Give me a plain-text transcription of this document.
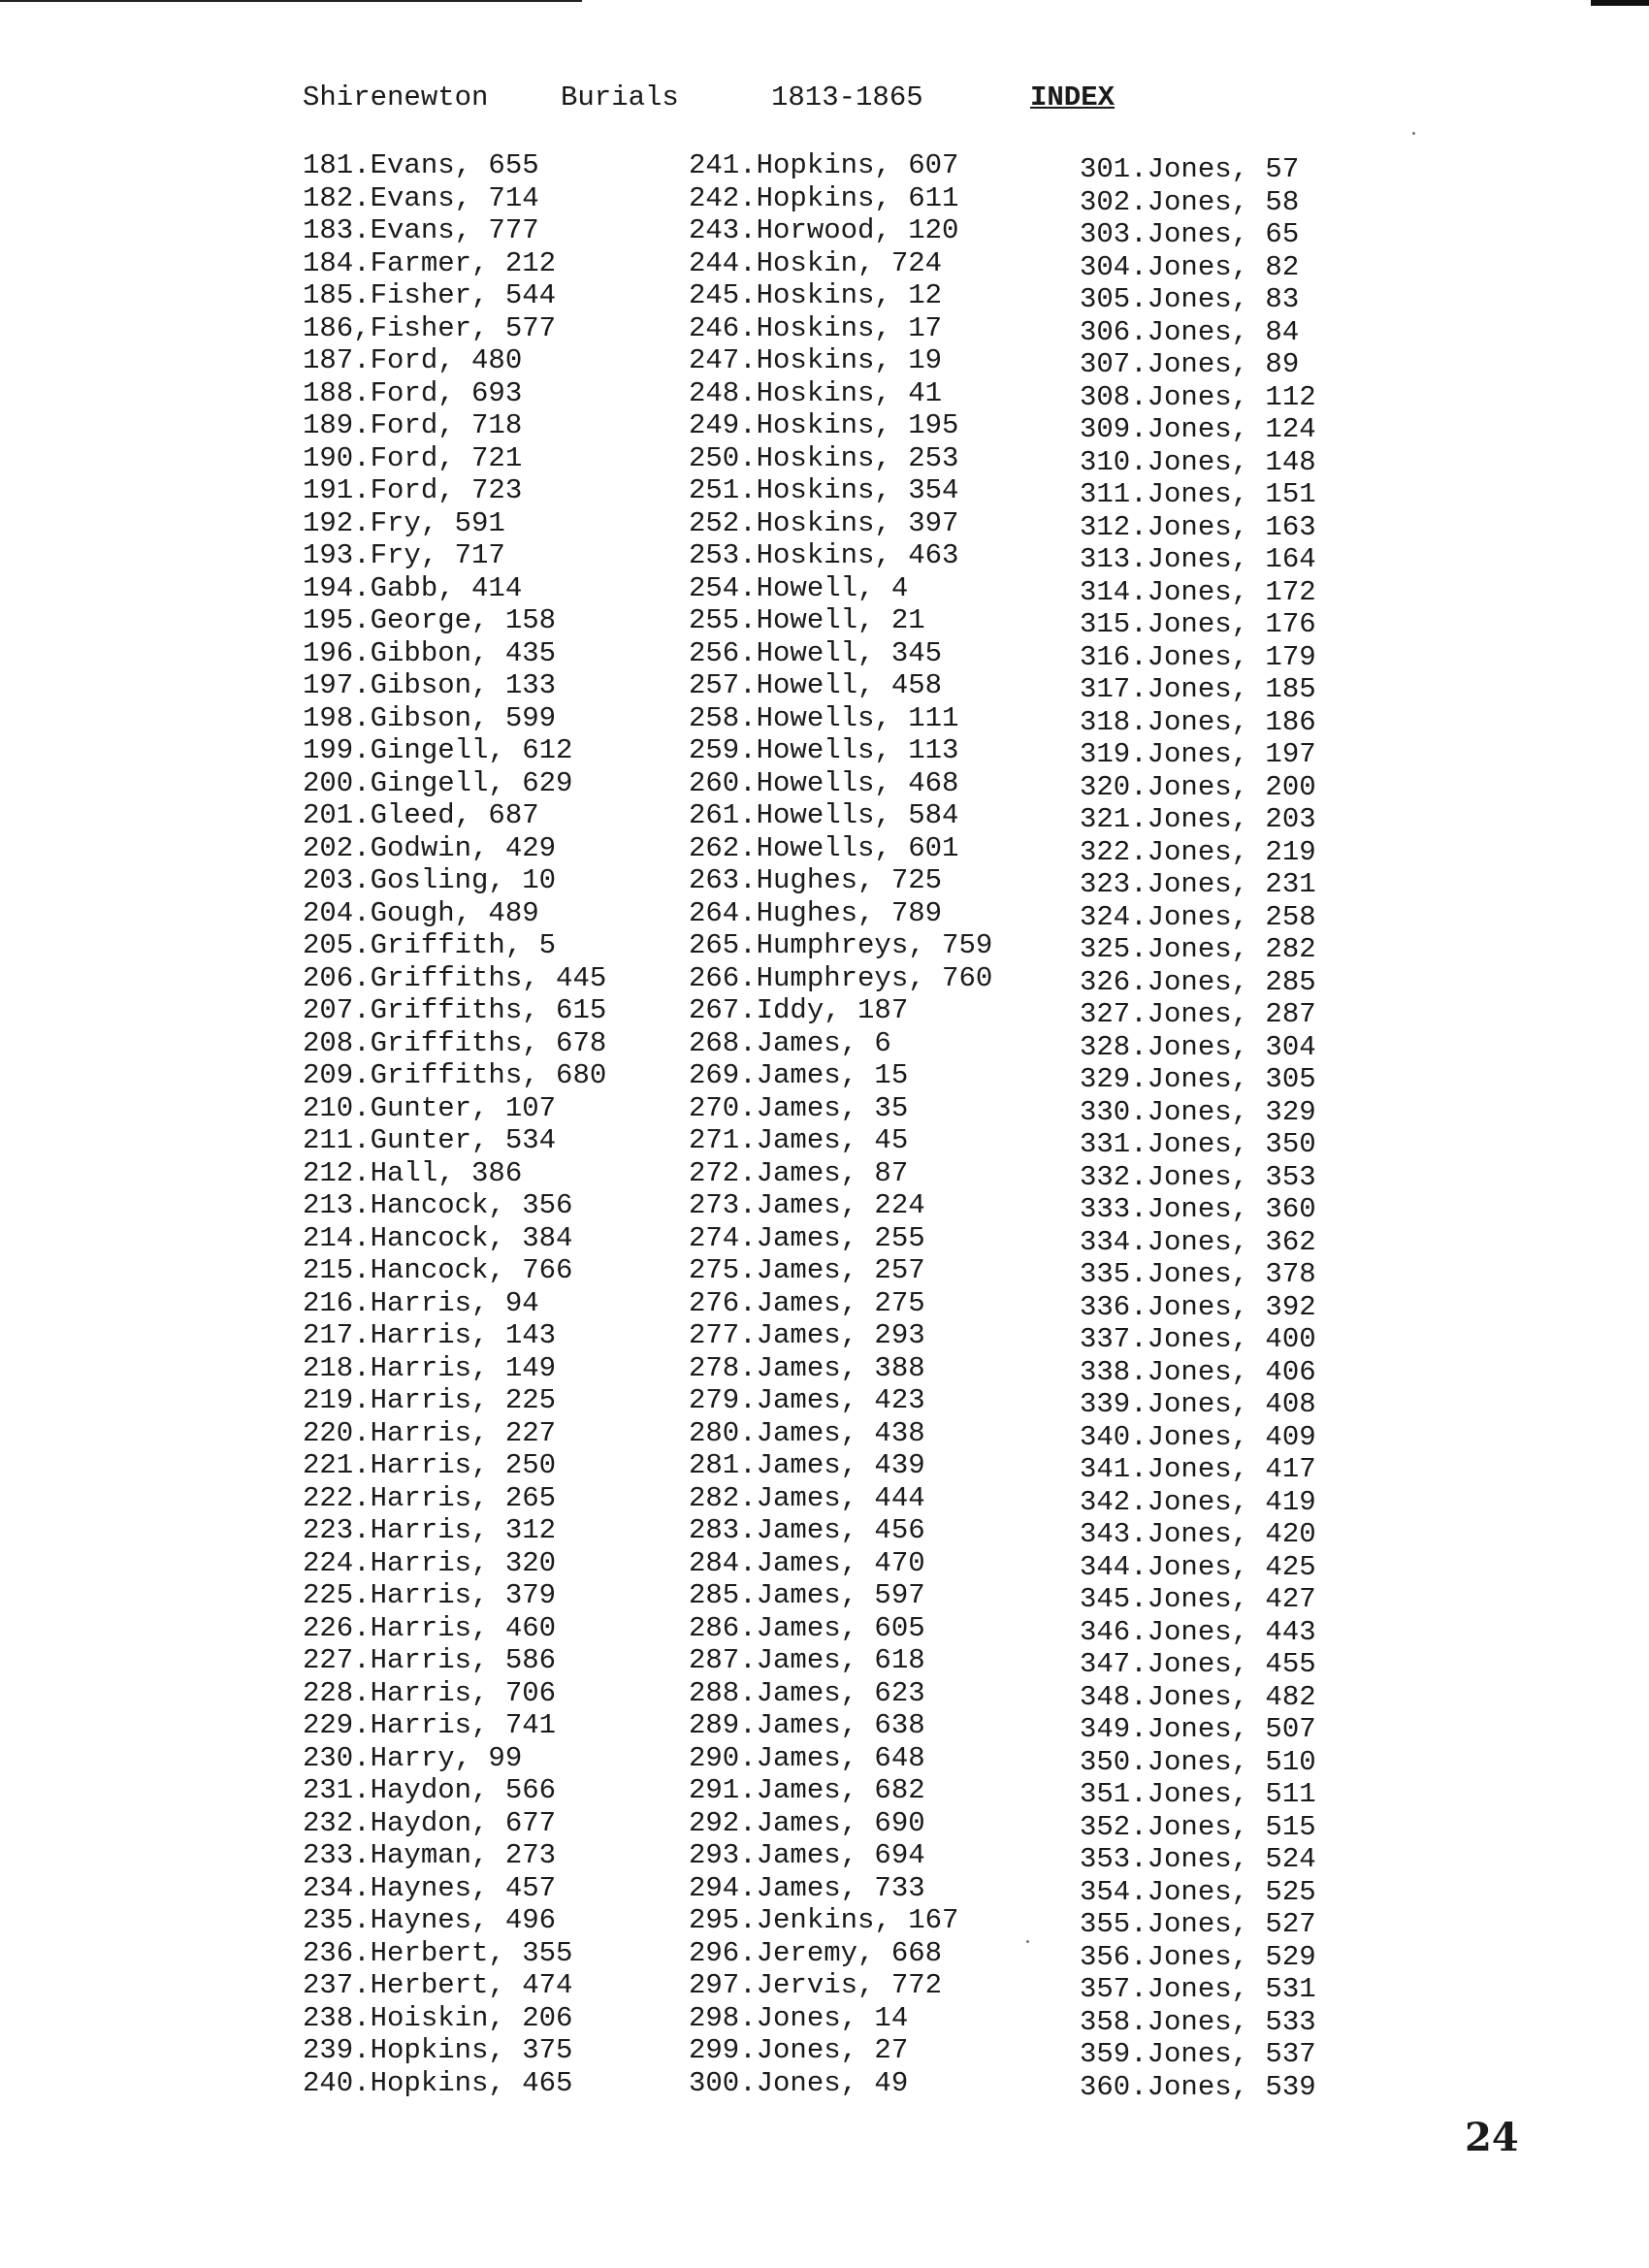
Shirenewton	Burials	1813-1865	INDEX
181.Evans, 655
182.Evans, 714
183.Evans, 777
184.Farmer, 212
185.Fisher, 544
186,Fisher, 577
187.Ford, 480
188.Ford, 693
189.Ford, 718
190.Ford, 721
191.Ford, 723
192.Fry, 591
193.Fry, 717
194.Gabb, 414
195.George, 158
196.Gibbon, 435
197.Gibson, 133
198.Gibson, 599
199.Gingell, 612
200.Gingell, 629
201.Gleed, 687
202.Godwin, 429
203.Gosling, 10
204.Gough, 489
205.Griffith, 5
206.Griffiths, 445
207.Griffiths, 615
208.Griffiths, 678
209.Griffiths, 680
210.Gunter, 107
211.Gunter, 534
212.Hall, 386
213.Hancock, 356
214.Hancock, 384
215.Hancock, 766
216.Harris, 94
217.Harris, 143
218.Harris, 149
219.Harris, 225
220.Harris, 227
221.Harris, 250
222.Harris, 265
223.Harris, 312
224.Harris, 320
225.Harris, 379
226.Harris, 460
227.Harris, 586
228.Harris, 706
229.Harris, 741
230.Harry, 99
231.Haydon, 566
232.Haydon, 677
233.Hayman, 273
234.Haynes, 457
235.Haynes, 496
236.Herbert, 355
237.Herbert, 474
238.Hoiskin, 206
239.Hopkins, 375
240.Hopkins, 465
241.Hopkins, 607
242.Hopkins, 611
243.Horwood, 120
244.Hoskin, 724
245.Hoskins, 12
246.Hoskins, 17
247.Hoskins, 19
248.Hoskins, 41
249.Hoskins, 195
250.Hoskins, 253
251.Hoskins, 354
252.Hoskins, 397
253.Hoskins, 463
254.Howell, 4
255.Howell, 21
256.Howell, 345
257.Howell, 458
258.Howells, 111
259.Howells, 113
260.Howells, 468
261.Howells, 584
262.Howells, 601
263.Hughes, 725
264.Hughes, 789
265.Humphreys, 759
266.Humphreys, 760
267.Iddy, 187
268.James, 6
269.James, 15
270.James, 35
271.James, 45
272.James, 87
273.James, 224
274.James, 255
275.James, 257
276.James, 275
277.James, 293
278.James, 388
279.James, 423
280.James, 438
281.James, 439
282.James, 444
283.James, 456
284.James, 470
285.James, 597
286.James, 605
287.James, 618
288.James, 623
289.James, 638
290.James, 648
291.James, 682
292.James, 690
293.James, 694
294.James, 733
295.Jenkins, 167
296.Jeremy, 668
297.Jervis, 772
298.Jones, 14
299.Jones, 27
300.Jones, 49
301.Jones, 57
302.Jones, 58
303.Jones, 65
304.Jones, 82
305.Jones, 83
306.Jones, 84
307.Jones, 89
308.Jones, 112
309.Jones, 124
310.Jones, 148
311.Jones, 151
312.Jones, 163
313.Jones, 164
314.Jones, 172
315.Jones, 176
316.Jones, 179
317.Jones, 185
318.Jones, 186
319.Jones, 197
320.Jones, 200
321.Jones, 203
322.Jones, 219
323.Jones, 231
324.Jones, 258
325.Jones, 282
326.Jones, 285
327.Jones, 287
328.Jones, 304
329.Jones, 305
330.Jones, 329
331.Jones, 350
332.Jones, 353
333.Jones, 360
334.Jones, 362
335.Jones, 378
336.Jones, 392
337.Jones, 400
338.Jones, 406
339.Jones, 408
340.Jones, 409
341.Jones, 417
342.Jones, 419
343.Jones, 420
344.Jones, 425
345.Jones, 427
346.Jones, 443
347.Jones, 455
348.Jones, 482
349.Jones, 507
350.Jones, 510
351.Jones, 511
352.Jones, 515
353.Jones, 524
354.Jones, 525
355.Jones, 527
356.Jones, 529
357.Jones, 531
358.Jones, 533
359.Jones, 537
360.Jones, 539
24
